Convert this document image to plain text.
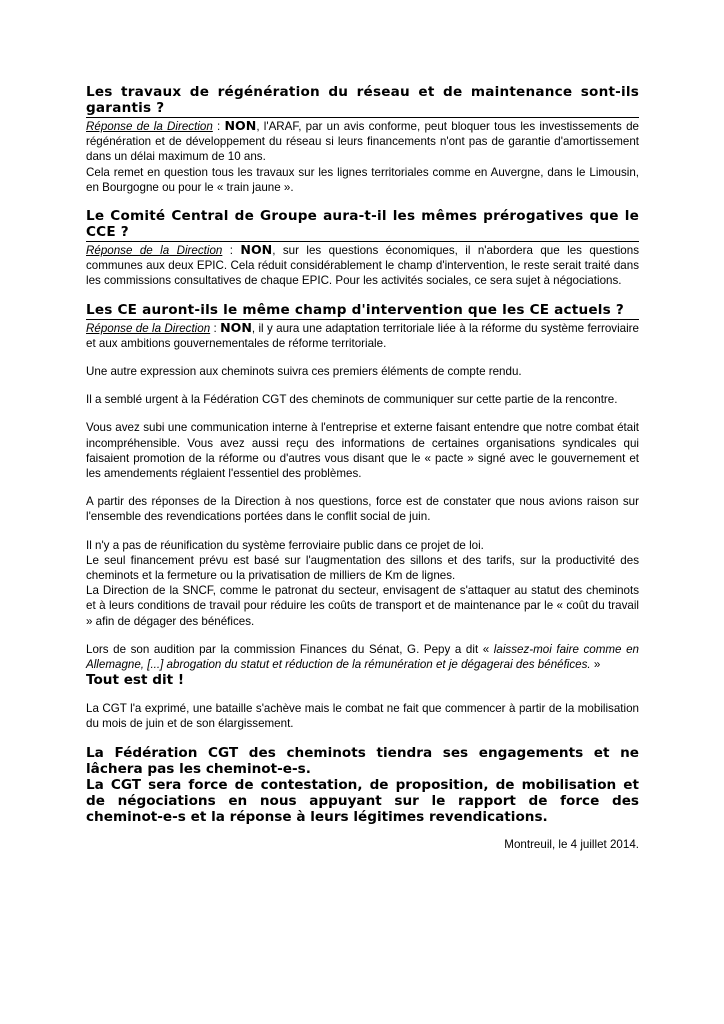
Les travaux de régénération du réseau et de maintenance sont-ils garantis ?

Réponse de la Direction : NON, l'ARAF, par un avis conforme, peut bloquer tous les investissements de régénération et de développement du réseau si leurs financements n'ont pas de garantie d'amortissement dans un délai maximum de 10 ans.

Cela remet en question tous les travaux sur les lignes territoriales comme en Auvergne, dans le Limousin, en Bourgogne ou pour le « train jaune ».

Le Comité Central de Groupe aura-t-il les mêmes prérogatives que le CCE ?

Réponse de la Direction : NON, sur les questions économiques, il n'abordera que les questions communes aux deux EPIC. Cela réduit considérablement le champ d'intervention, le reste serait traité dans les commissions consultatives de chaque EPIC. Pour les activités sociales, ce sera sujet à négociations.

Les CE auront-ils le même champ d'intervention que les CE actuels ?

Réponse de la Direction : NON, il y aura une adaptation territoriale liée à la réforme du système ferroviaire et aux ambitions gouvernementales de réforme territoriale.

Une autre expression aux cheminots suivra ces premiers éléments de compte rendu.

Il a semblé urgent à la Fédération CGT des cheminots de communiquer sur cette partie de la rencontre.

Vous avez subi une communication interne à l'entreprise et externe faisant entendre que notre combat était incompréhensible. Vous avez aussi reçu des informations de certaines organisations syndicales qui faisaient promotion de la réforme ou d'autres vous disant que le « pacte » signé avec le gouvernement et les amendements réglaient l'essentiel des problèmes.

A partir des réponses de la Direction à nos questions, force est de constater que nous avions raison sur l'ensemble des revendications portées dans le conflit social de juin.

Il n'y a pas de réunification du système ferroviaire public dans ce projet de loi.

Le seul financement prévu est basé sur l'augmentation des sillons et des tarifs, sur la productivité des cheminots et la fermeture ou la privatisation de milliers de Km de lignes.

La Direction de la SNCF, comme le patronat du secteur, envisagent de s'attaquer au statut des cheminots et à leurs conditions de travail pour réduire les coûts de transport et de maintenance par le « coût du travail » afin de dégager des bénéfices.

Lors de son audition par la commission Finances du Sénat, G. Pepy a dit « laissez-moi faire comme en Allemagne, [...] abrogation du statut et réduction de la rémunération et je dégagerai des bénéfices. »

Tout est dit !

La CGT l'a exprimé, une bataille s'achève mais le combat ne fait que commencer à partir de la mobilisation du mois de juin et de son élargissement.

La Fédération CGT des cheminots tiendra ses engagements et ne lâchera pas les cheminot-e-s.

La CGT sera force de contestation, de proposition, de mobilisation et de négociations en nous appuyant sur le rapport de force des cheminot-e-s et la réponse à leurs légitimes revendications.

Montreuil, le 4 juillet 2014.
